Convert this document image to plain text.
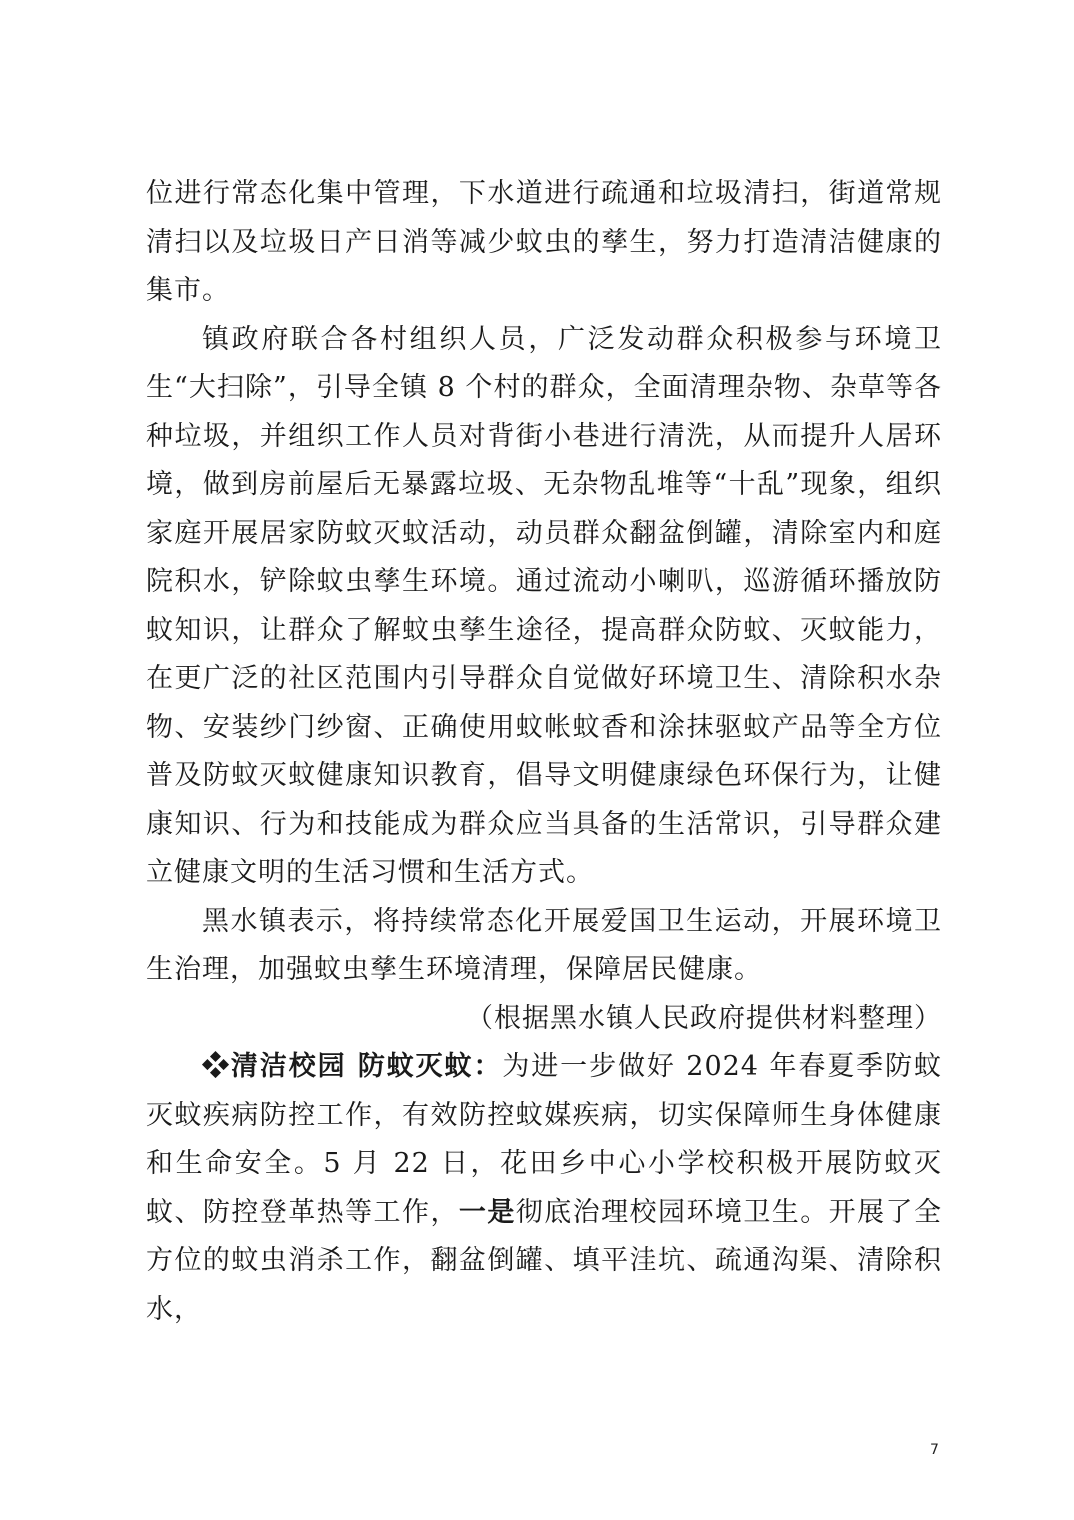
位进行常态化集中管理，下水道进行疏通和垃圾清扫，街道常规清扫以及垃圾日产日消等减少蚊虫的孳生，努力打造清洁健康的集市。

镇政府联合各村组织人员，广泛发动群众积极参与环境卫生“大扫除”，引导全镇 8 个村的群众，全面清理杂物、杂草等各种垃圾，并组织工作人员对背街小巷进行清洗，从而提升人居环境，做到房前屋后无暴露垃圾、无杂物乱堆等“十乱”现象，组织家庭开展居家防蚊灭蚊活动，动员群众翻盆倒罐，清除室内和庭院积水，铲除蚊虫孳生环境。通过流动小喇叭，巡游循环播放防蚊知识，让群众了解蚊虫孳生途径，提高群众防蚊、灭蚊能力，在更广泛的社区范围内引导群众自觉做好环境卫生、清除积水杂物、安装纱门纱窗、正确使用蚊帐蚊香和涂抹驱蚊产品等全方位普及防蚊灭蚊健康知识教育，倡导文明健康绿色环保行为，让健康知识、行为和技能成为群众应当具备的生活常识，引导群众建立健康文明的生活习惯和生活方式。

黑水镇表示，将持续常态化开展爱国卫生运动，开展环境卫生治理，加强蚊虫孳生环境清理，保障居民健康。

（根据黑水镇人民政府提供材料整理）

❖清洁校园 防蚊灭蚊：为进一步做好 2024 年春夏季防蚊灭蚊疾病防控工作，有效防控蚊媒疾病，切实保障师生身体健康和生命安全。5 月 22 日，花田乡中心小学校积极开展防蚊灭蚊、防控登革热等工作，一是彻底治理校园环境卫生。开展了全方位的蚊虫消杀工作，翻盆倒罐、填平洼坑、疏通沟渠、清除积水，

7
